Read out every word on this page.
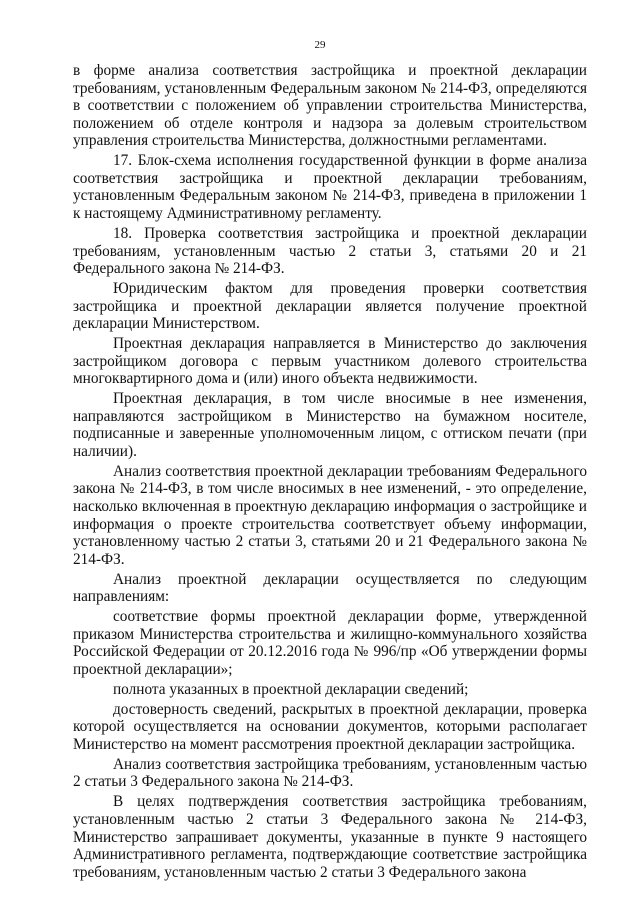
29

в форме анализа соответствия застройщика и проектной декларации требованиям, установленным Федеральным законом № 214-ФЗ, определяются в соответствии с положением об управлении строительства Министерства, положением об отделе контроля и надзора за долевым строительством управления строительства Министерства, должностными регламентами.

17. Блок-схема исполнения государственной функции в форме анализа соответствия застройщика и проектной декларации требованиям, установленным Федеральным законом № 214-ФЗ, приведена в приложении 1 к настоящему Административному регламенту.

18. Проверка соответствия застройщика и проектной декларации требованиям, установленным частью 2 статьи 3, статьями 20 и 21 Федерального закона № 214-ФЗ.

Юридическим фактом для проведения проверки соответствия застройщика и проектной декларации является получение проектной декларации Министерством.

Проектная декларация направляется в Министерство до заключения застройщиком договора с первым участником долевого строительства многоквартирного дома и (или) иного объекта недвижимости.

Проектная декларация, в том числе вносимые в нее изменения, направляются застройщиком в Министерство на бумажном носителе, подписанные и заверенные уполномоченным лицом, с оттиском печати (при наличии).

Анализ соответствия проектной декларации требованиям Федерального закона № 214-ФЗ, в том числе вносимых в нее изменений, - это определение, насколько включенная в проектную декларацию информация о застройщике и информация о проекте строительства соответствует объему информации, установленному частью 2 статьи 3, статьями 20 и 21 Федерального закона № 214-ФЗ.

Анализ проектной декларации осуществляется по следующим направлениям:

соответствие формы проектной декларации форме, утвержденной приказом Министерства строительства и жилищно-коммунального хозяйства Российской Федерации от 20.12.2016 года № 996/пр «Об утверждении формы проектной декларации»;

полнота указанных в проектной декларации сведений;

достоверность сведений, раскрытых в проектной декларации, проверка которой осуществляется на основании документов, которыми располагает Министерство на момент рассмотрения проектной декларации застройщика.

Анализ соответствия застройщика требованиям, установленным частью 2 статьи 3 Федерального закона № 214-ФЗ.

В целях подтверждения соответствия застройщика требованиям, установленным частью 2 статьи 3 Федерального закона № 214-ФЗ, Министерство запрашивает документы, указанные в пункте 9 настоящего Административного регламента, подтверждающие соответствие застройщика требованиям, установленным частью 2 статьи 3 Федерального закона
